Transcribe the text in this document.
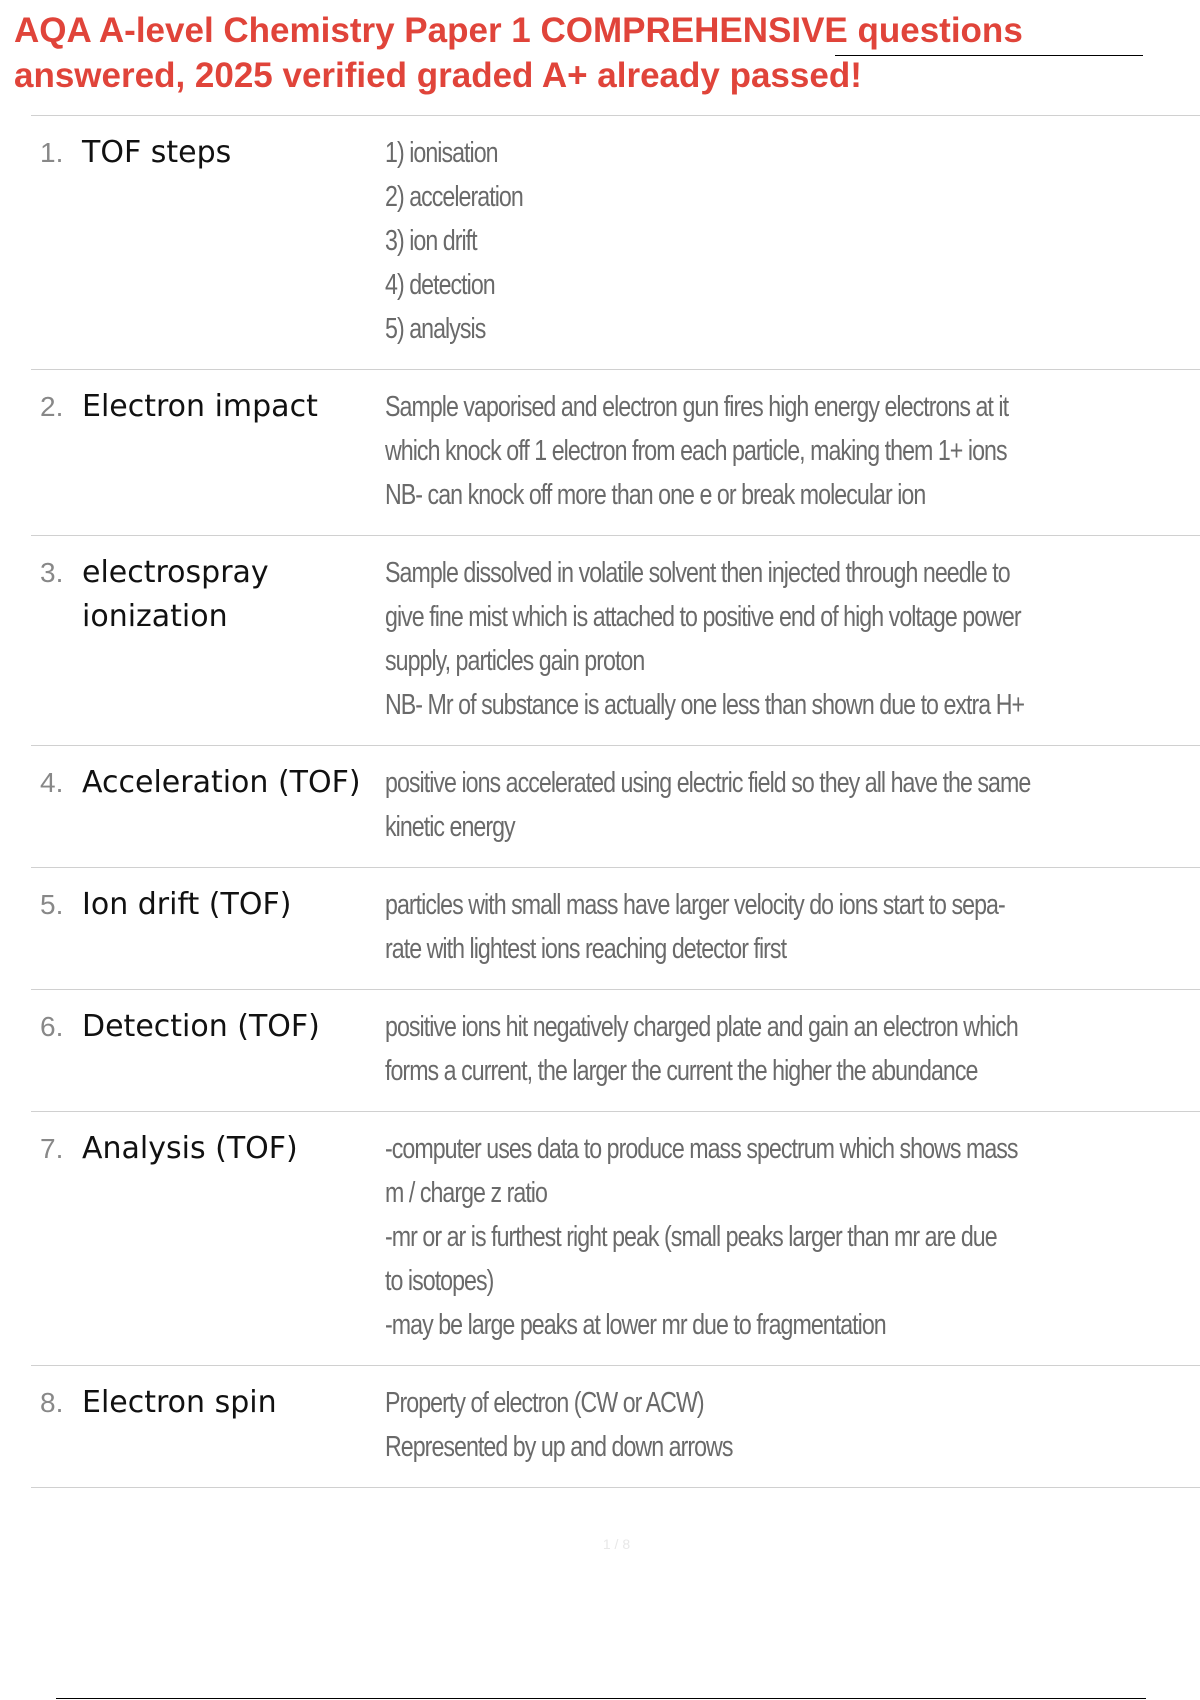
AQA A-level Chemistry Paper 1 COMPREHENSIVE questions
answered, 2025 verified graded A+ already passed!
1.	TOF steps	1) ionisation
2) acceleration
3) ion drift
4) detection
5) analysis

2.	Electron impact	Sample vaporised and electron gun fires high energy electrons at it
which knock off 1 electron from each particle, making them 1+ ions
NB- can knock off more than one e or break molecular ion

3.	electrospray ionization	Sample dissolved in volatile solvent then injected through needle to
give fine mist which is attached to positive end of high voltage power
supply, particles gain proton
NB- Mr of substance is actually one less than shown due to extra H+

4.	Acceleration (TOF)	positive ions accelerated using electric field so they all have the same
kinetic energy

5.	Ion drift (TOF)	particles with small mass have larger velocity do ions start to sepa-
rate with lightest ions reaching detector first

6.	Detection (TOF)	positive ions hit negatively charged plate and gain an electron which
forms a current, the larger the current the higher the abundance

7.	Analysis (TOF)	-computer uses data to produce mass spectrum which shows mass
m / charge z ratio
-mr or ar is furthest right peak (small peaks larger than mr are due
to isotopes)
-may be large peaks at lower mr due to fragmentation

8.	Electron spin	Property of electron (CW or ACW)
Represented by up and down arrows
1 / 8
